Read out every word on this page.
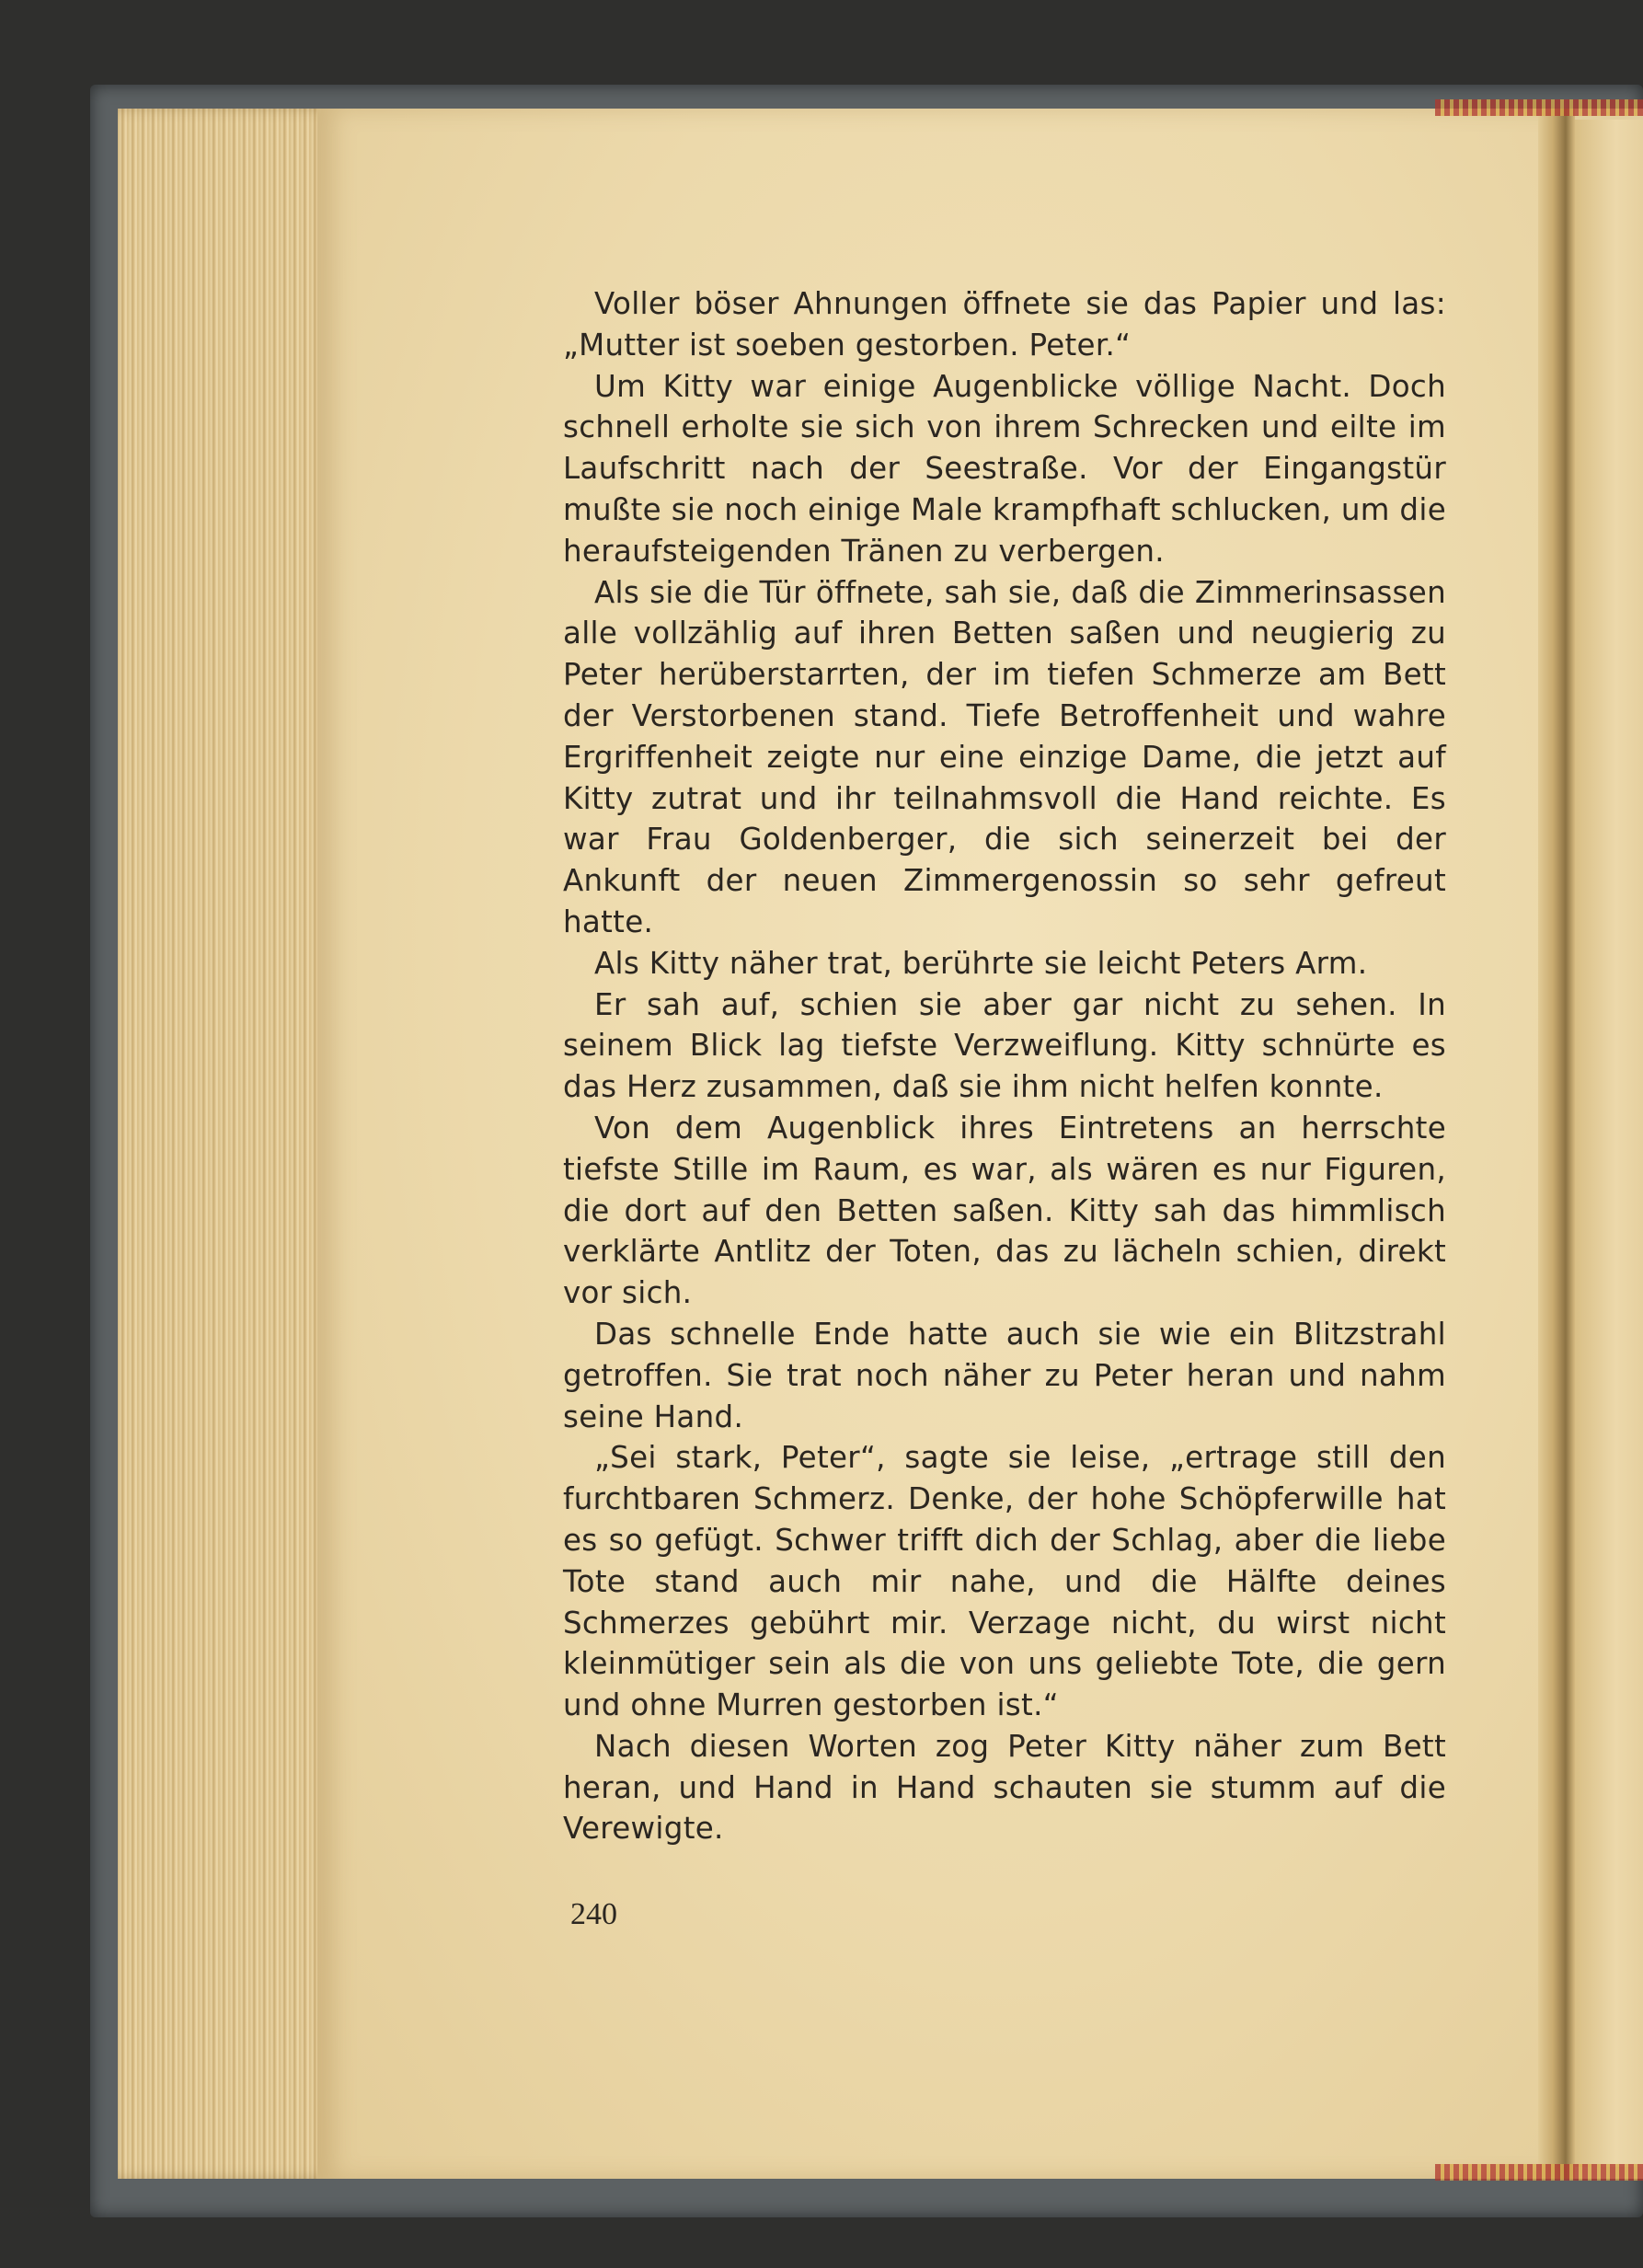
Voller böser Ahnungen öffnete sie das Papier und las: „Mutter ist soeben gestorben. Peter.“

Um Kitty war einige Augenblicke völlige Nacht. Doch schnell erholte sie sich von ihrem Schrecken und eilte im Laufschritt nach der Seestraße. Vor der Eingangstür mußte sie noch einige Male krampfhaft schlucken, um die heraufsteigenden Tränen zu verbergen.

Als sie die Tür öffnete, sah sie, daß die Zimmerinsassen alle vollzählig auf ihren Betten saßen und neugierig zu Peter herüberstarrten, der im tiefen Schmerze am Bett der Verstorbenen stand. Tiefe Betroffenheit und wahre Ergriffenheit zeigte nur eine einzige Dame, die jetzt auf Kitty zutrat und ihr teilnahmsvoll die Hand reichte. Es war Frau Goldenberger, die sich seinerzeit bei der Ankunft der neuen Zimmergenossin so sehr gefreut hatte.

Als Kitty näher trat, berührte sie leicht Peters Arm.

Er sah auf, schien sie aber gar nicht zu sehen. In seinem Blick lag tiefste Verzweiflung. Kitty schnürte es das Herz zusammen, daß sie ihm nicht helfen konnte.

Von dem Augenblick ihres Eintretens an herrschte tiefste Stille im Raum, es war, als wären es nur Figuren, die dort auf den Betten saßen. Kitty sah das himmlisch verklärte Antlitz der Toten, das zu lächeln schien, direkt vor sich.

Das schnelle Ende hatte auch sie wie ein Blitzstrahl getroffen. Sie trat noch näher zu Peter heran und nahm seine Hand.

„Sei stark, Peter“, sagte sie leise, „ertrage still den furchtbaren Schmerz. Denke, der hohe Schöpferwille hat es so gefügt. Schwer trifft dich der Schlag, aber die liebe Tote stand auch mir nahe, und die Hälfte deines Schmerzes gebührt mir. Verzage nicht, du wirst nicht kleinmütiger sein als die von uns geliebte Tote, die gern und ohne Murren gestorben ist.“

Nach diesen Worten zog Peter Kitty näher zum Bett heran, und Hand in Hand schauten sie stumm auf die Verewigte.

240
